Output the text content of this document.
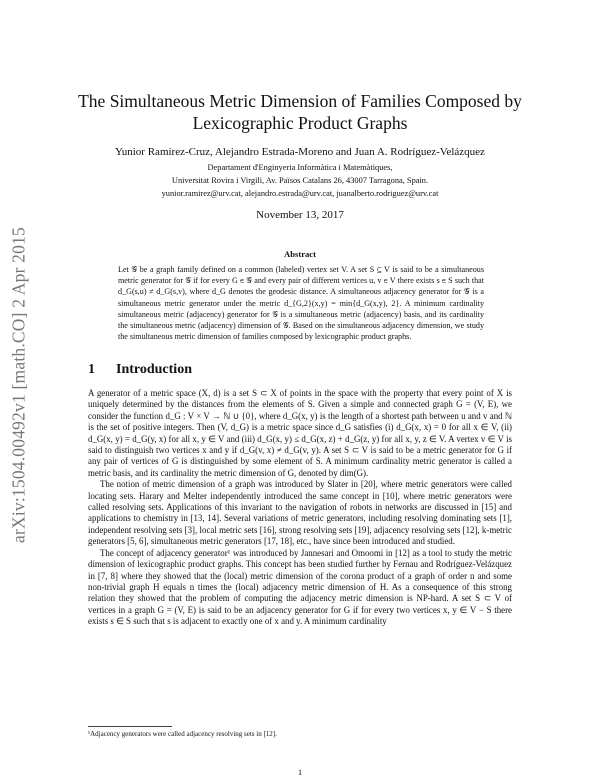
arXiv:1504.00492v1 [math.CO] 2 Apr 2015
The Simultaneous Metric Dimension of Families Composed by
Lexicographic Product Graphs
Yunior Ramírez-Cruz, Alejandro Estrada-Moreno and Juan A. Rodríguez-Velázquez
Departament d'Enginyeria Informàtica i Matemàtiques,
Universitat Rovira i Virgili, Av. Països Catalans 26, 43007 Tarragona, Spain.
yunior.ramirez@urv.cat, alejandro.estrada@urv.cat, juanalberto.rodriguez@urv.cat
November 13, 2017
Abstract
Let 𝒢 be a graph family defined on a common (labeled) vertex set V. A set S ⊆ V is said to be a simultaneous metric generator for 𝒢 if for every G ∈ 𝒢 and every pair of different vertices u, v ∈ V there exists s ∈ S such that d_G(s,u) ≠ d_G(s,v), where d_G denotes the geodesic distance. A simultaneous adjacency generator for 𝒢 is a simultaneous metric generator under the metric d_{G,2}(x,y) = min{d_G(x,y), 2}. A minimum cardinality simultaneous metric (adjacency) generator for 𝒢 is a simultaneous metric (adjacency) basis, and its cardinality the simultaneous metric (adjacency) dimension of 𝒢. Based on the simultaneous adjacency dimension, we study the simultaneous metric dimension of families composed by lexicographic product graphs.
1 Introduction

A generator of a metric space (X, d) is a set S ⊂ X of points in the space with the property that every point of X is uniquely determined by the distances from the elements of S. Given a simple and connected graph G = (V, E), we consider the function d_G : V × V → ℕ ∪ {0}, where d_G(x, y) is the length of a shortest path between u and v and ℕ is the set of positive integers. Then (V, d_G) is a metric space since d_G satisfies (i) d_G(x, x) = 0 for all x ∈ V, (ii) d_G(x, y) = d_G(y, x) for all x, y ∈ V and (iii) d_G(x, y) ≤ d_G(x, z) + d_G(z, y) for all x, y, z ∈ V. A vertex v ∈ V is said to distinguish two vertices x and y if d_G(v, x) ≠ d_G(v, y). A set S ⊂ V is said to be a metric generator for G if any pair of vertices of G is distinguished by some element of S. A minimum cardinality metric generator is called a metric basis, and its cardinality the metric dimension of G, denoted by dim(G).

The notion of metric dimension of a graph was introduced by Slater in [20], where metric generators were called locating sets. Harary and Melter independently introduced the same concept in [10], where metric generators were called resolving sets. Applications of this invariant to the navigation of robots in networks are discussed in [15] and applications to chemistry in [13, 14]. Several variations of metric generators, including resolving dominating sets [1], independent resolving sets [3], local metric sets [16], strong resolving sets [19], adjacency resolving sets [12], k-metric generators [5, 6], simultaneous metric generators [17, 18], etc., have since been introduced and studied.

The concept of adjacency generator¹ was introduced by Jannesari and Omoomi in [12] as a tool to study the metric dimension of lexicographic product graphs. This concept has been studied further by Fernau and Rodríguez-Velázquez in [7, 8] where they showed that the (local) metric dimension of the corona product of a graph of order n and some non-trivial graph H equals n times the (local) adjacency metric dimension of H. As a consequence of this strong relation they showed that the problem of computing the adjacency metric dimension is NP-hard. A set S ⊂ V of vertices in a graph G = (V, E) is said to be an adjacency generator for G if for every two vertices x, y ∈ V − S there exists s ∈ S such that s is adjacent to exactly one of x and y. A minimum cardinality

¹Adjacency generators were called adjacency resolving sets in [12].
1
